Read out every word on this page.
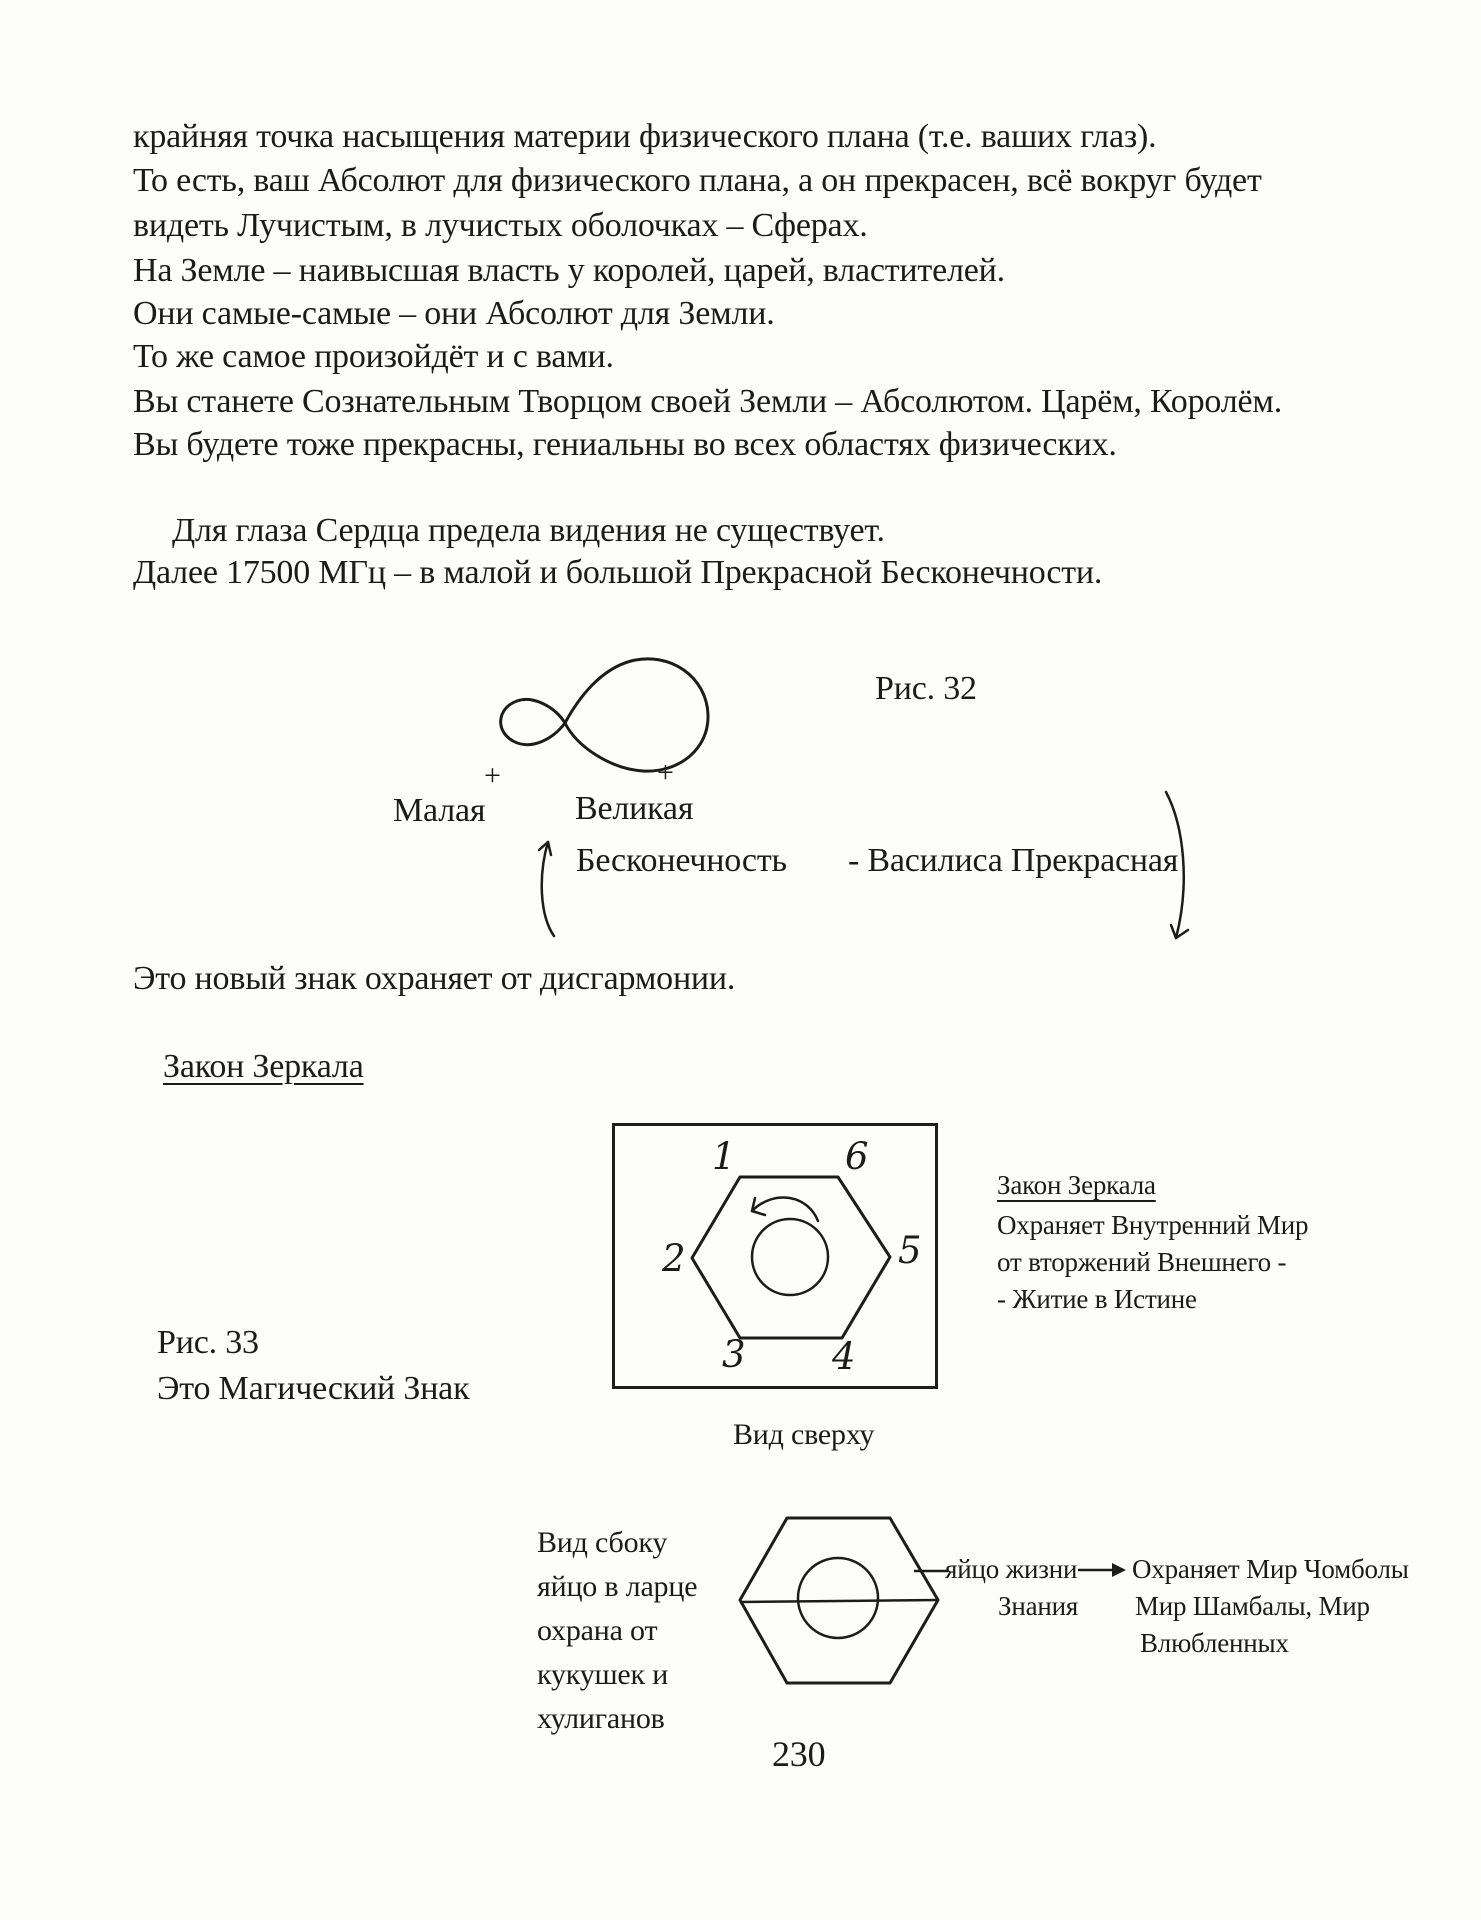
крайняя точка насыщения материи физического плана (т.е. ваших глаз).
То есть, ваш Абсолют для физического плана, а он прекрасен, всё вокруг будет
видеть Лучистым, в лучистых оболочках – Сферах.
На Земле – наивысшая власть у королей, царей, властителей.
Они самые-самые – они Абсолют для Земли.
То же самое произойдёт и с вами.
Вы станете Сознательным Творцом своей Земли – Абсолютом. Царём, Королём.
Вы будете тоже прекрасны, гениальны во всех областях физических.
Для глаза Сердца предела видения не существует.
Далее 17500 МГц – в малой и большой Прекрасной Бесконечности.
Рис. 32
+	+
Малая	Великая
Бесконечность - Василиса Прекрасная
Это новый знак охраняет от дисгармонии.
Закон Зеркала
1	6
2	5
3 4
Закон Зеркала
Охраняет Внутренний Мир
от вторжений Внешнего -
- Житие в Истине
Рис. 33
Это Магический Знак
Вид сверху
Вид сбоку
яйцо в ларце
охрана от
кукушек и
хулиганов
яйцо жизни
Знания
Охраняет Мир Чомболы
Мир Шамбалы, Мир
Влюбленных
230
